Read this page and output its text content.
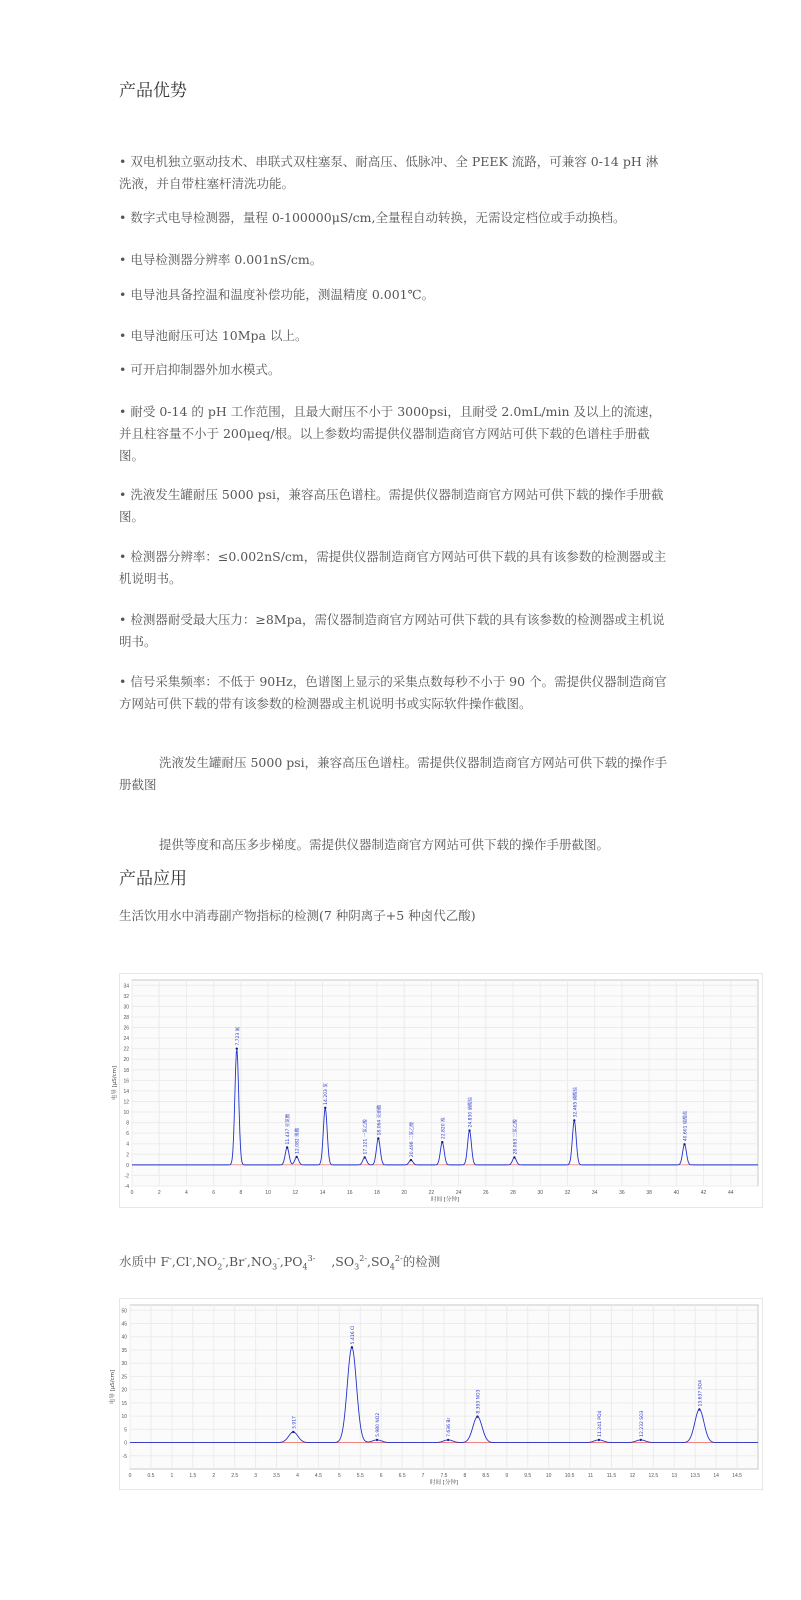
产品优势
• 双电机独立驱动技术、串联式双柱塞泵、耐高压、低脉冲、全 PEEK 流路，可兼容 0-14 pH 淋洗液，并自带柱塞杆清洗功能。
• 数字式电导检测器，量程 0-100000μS/cm,全量程自动转换，无需设定档位或手动换档。
• 电导检测器分辨率 0.001nS/cm。
• 电导池具备控温和温度补偿功能，测温精度 0.001℃。
• 电导池耐压可达 10Mpa 以上。
• 可开启抑制器外加水模式。
• 耐受 0-14 的 pH 工作范围，且最大耐压不小于 3000psi，且耐受 2.0mL/min 及以上的流速，并且柱容量不小于 200μeq/根。以上参数均需提供仪器制造商官方网站可供下载的色谱柱手册截图。
• 洗液发生罐耐压 5000 psi，兼容高压色谱柱。需提供仪器制造商官方网站可供下载的操作手册截图。
• 检测器分辨率：≤0.002nS/cm，需提供仪器制造商官方网站可供下载的具有该参数的检测器或主机说明书。
• 检测器耐受最大压力：≥8Mpa，需仪器制造商官方网站可供下载的具有该参数的检测器或主机说明书。
• 信号采集频率：不低于 90Hz，色谱图上显示的采集点数每秒不小于 90 个。需提供仪器制造商官方网站可供下载的带有该参数的检测器或主机说明书或实际软件操作截图。
洗液发生罐耐压 5000 psi，兼容高压色谱柱。需提供仪器制造商官方网站可供下载的操作手册截图
提供等度和高压多步梯度。需提供仪器制造商官方网站可供下载的操作手册截图。
产品应用
生活饮用水中消毒副产物指标的检测(7 种阴离子+5 种卤代乙酸)
-4
-2
0
2
4
6
8
10
12
14
16
18
20
22
24
26
28
30
32
34
0	2	4	6	8	10	12	14	16	18	20	22	24	26	28	30	32	34	36	38	40	42	44
时间 [分钟]
电导 [μS/cm]
7.723 氟
11.437 亚氯酸	12.082 溴酸
14.203 氯
17.121 一氯乙酸	18.064 亚硝酸
20.496 二氯乙酸	22.820 溴
24.830 硝酸盐
28.063 三氯乙酸
32.465 磷酸盐
40.601 硫酸盐
水质中 $F^-,Cl^-,NO_2^-,Br^-,NO_3^-,PO_4^{3-}$    $,SO_3^{2-},SO_4^{2-}$的检测
50
45
40
35
30
25
20
15
10
5
0
-5
0	0.5	1	1.5	2	2.5	3	3.5	4	4.5	5	5.5	6	6.5	7	7.5	8	8.5	9	9.5	10	10.5	11	11.5	12	12.5	13	13.5	14	14.5
时间 [分钟]
电导 [μS/cm]
3.917
5.416 Cl
5.980 NO2	7.636 Br
8.393 NO3
11.241 PO4	12.232 SO3
13.637 SO4
